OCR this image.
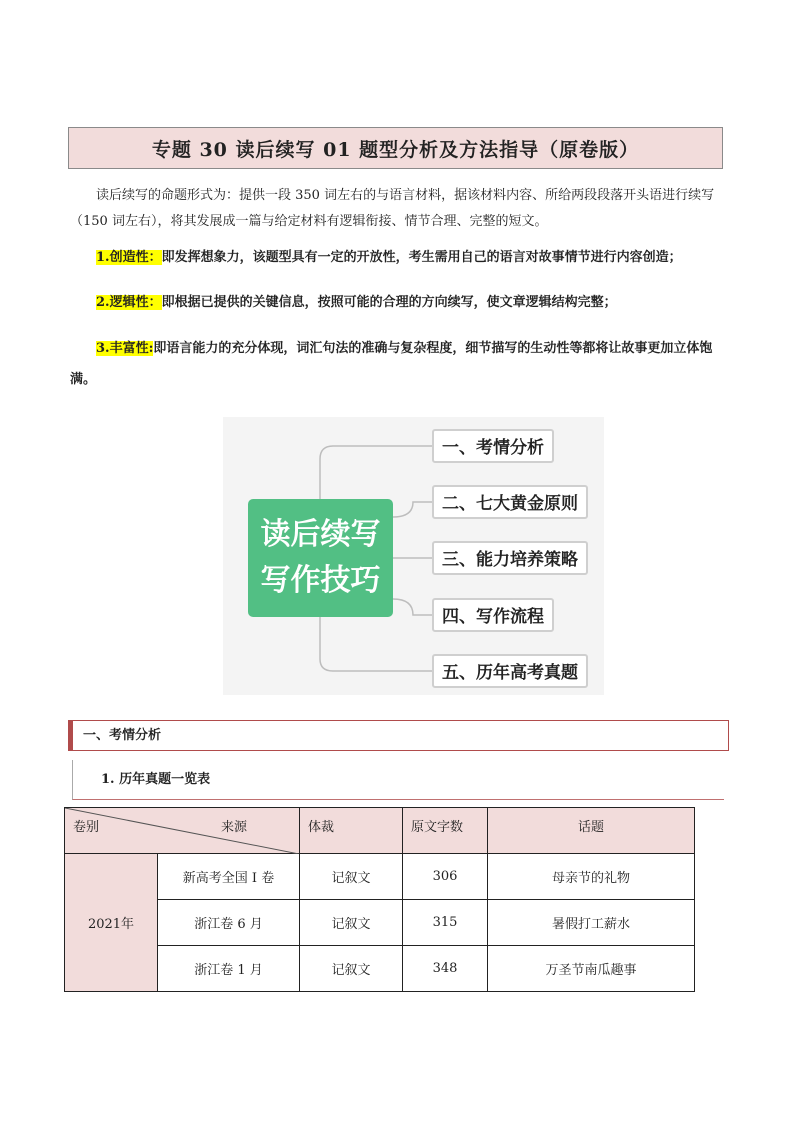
专题 30 读后续写 01 题型分析及方法指导（原卷版）

读后续写的命题形式为：提供一段 350 词左右的与语言材料，据该材料内容、所给两段段落开头语进行续写（150 词左右），将其发展成一篇与给定材料有逻辑衔接、情节合理、完整的短文。

1.创造性：即发挥想象力，该题型具有一定的开放性，考生需用自己的语言对故事情节进行内容创造；

2.逻辑性：即根据已提供的关键信息，按照可能的合理的方向续写，使文章逻辑结构完整；

3.丰富性:即语言能力的充分体现，词汇句法的准确与复杂程度，细节描写的生动性等都将让故事更加立体饱满。

读后续写
写作技巧
一、考情分析
二、七大黄金原则
三、能力培养策略
四、写作流程
五、历年高考真题
一、考情分析
1. 历年真题一览表
卷别 来源		体裁	原文字数	话题
2021年	新高考全国 I 卷	记叙文	306	母亲节的礼物
	浙江卷 6 月	记叙文	315	暑假打工薪水
	浙江卷 1 月	记叙文	348	万圣节南瓜趣事
